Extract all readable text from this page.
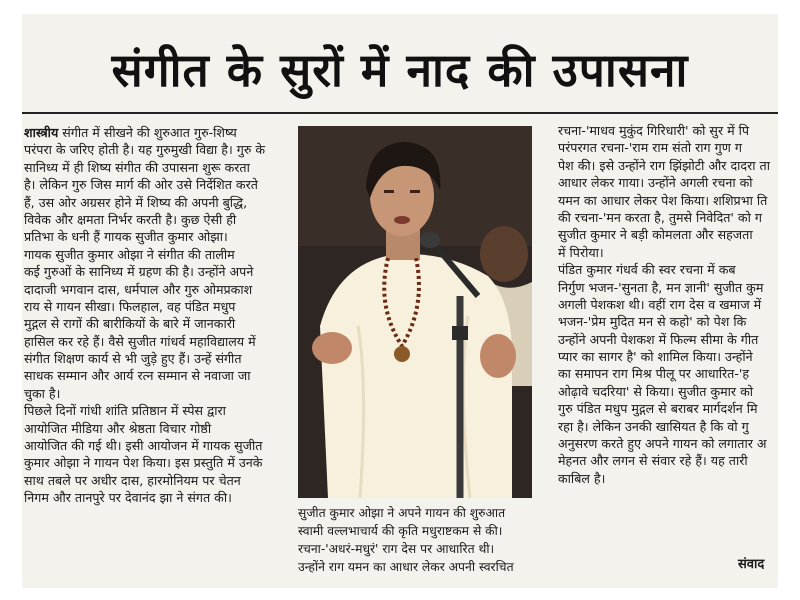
संगीत के सुरों में नाद की उपासना
शास्त्रीय संगीत में सीखने की शुरुआत गुरु-शिष्य
परंपरा के जरिए होती है। यह गुरुमुखी विद्या है। गुरु के
सानिध्य में ही शिष्य संगीत की उपासना शुरू करता
है। लेकिन गुरु जिस मार्ग की ओर उसे निर्देशित करते
हैं, उस ओर अग्रसर होने में शिष्य की अपनी बुद्धि,
विवेक और क्षमता निर्भर करती है। कुछ ऐसी ही
प्रतिभा के धनी हैं गायक सुजीत कुमार ओझा।
गायक सुजीत कुमार ओझा ने संगीत की तालीम
कई गुरुओं के सानिध्य में ग्रहण की है। उन्होंने अपने
दादाजी भगवान दास, धर्मपाल और गुरु ओमप्रकाश
राय से गायन सीखा। फिलहाल, वह पंडित मधुप
मुद्गल से रागों की बारीकियों के बारे में जानकारी
हासिल कर रहे हैं। वैसे सुजीत गांधर्व महाविद्यालय में
संगीत शिक्षण कार्य से भी जुड़े हुए हैं। उन्हें संगीत
साधक सम्मान और आर्य रत्न सम्मान से नवाजा जा
चुका है।
पिछले दिनों गांधी शांति प्रतिष्ठान में स्पेस द्वारा
आयोजित मीडिया और श्रेष्ठता विचार गोष्ठी
आयोजित की गई थी। इसी आयोजन में गायक सुजीत
कुमार ओझा ने गायन पेश किया। इस प्रस्तुति में उनके
साथ तबले पर अधीर दास, हारमोनियम पर चेतन
निगम और तानपुरे पर देवानंद झा ने संगत की।
सुजीत कुमार ओझा ने अपने गायन की शुरुआत
स्वामी वल्लभाचार्य की कृति मधुराष्टकम से की।
रचना-'अधरं-मधुरं' राग देस पर आधारित थी।
उन्होंने राग यमन का आधार लेकर अपनी स्वरचित
रचना-'माधव मुकुंद गिरिधारी' को सुर में पि
परंपरगत रचना-'राम राम संतो राग गुण ग
पेश की। इसे उन्होंने राग झिंझोटी और दादरा ता
आधार लेकर गाया। उन्होंने अगली रचना को
यमन का आधार लेकर पेश किया। शशिप्रभा ति
की रचना-'मन करता है, तुमसे निवेदित' को ग
सुजीत कुमार ने बड़ी कोमलता और सहजता
में पिरोया।
पंडित कुमार गंधर्व की स्वर रचना में कब
निर्गुण भजन-'सुनता है, मन ज्ञानी' सुजीत कुम
अगली पेशकश थी। वहीं राग देस व खमाज में
भजन-'प्रेम मुदित मन से कहो' को पेश कि
उन्होंने अपनी पेशकश में फिल्म सीमा के गीत
प्यार का सागर है' को शामिल किया। उन्होंने
का समापन राग मिश्र पीलू पर आधारित-'ह
ओढ़ावे चदरिया' से किया। सुजीत कुमार को
गुरु पंडित मधुप मुद्गल से बराबर मार्गदर्शन मि
रहा है। लेकिन उनकी खासियत है कि वो गु
अनुसरण करते हुए अपने गायन को लगातार अ
मेहनत और लगन से संवार रहे हैं। यह तारी
काबिल है।
संवाद
